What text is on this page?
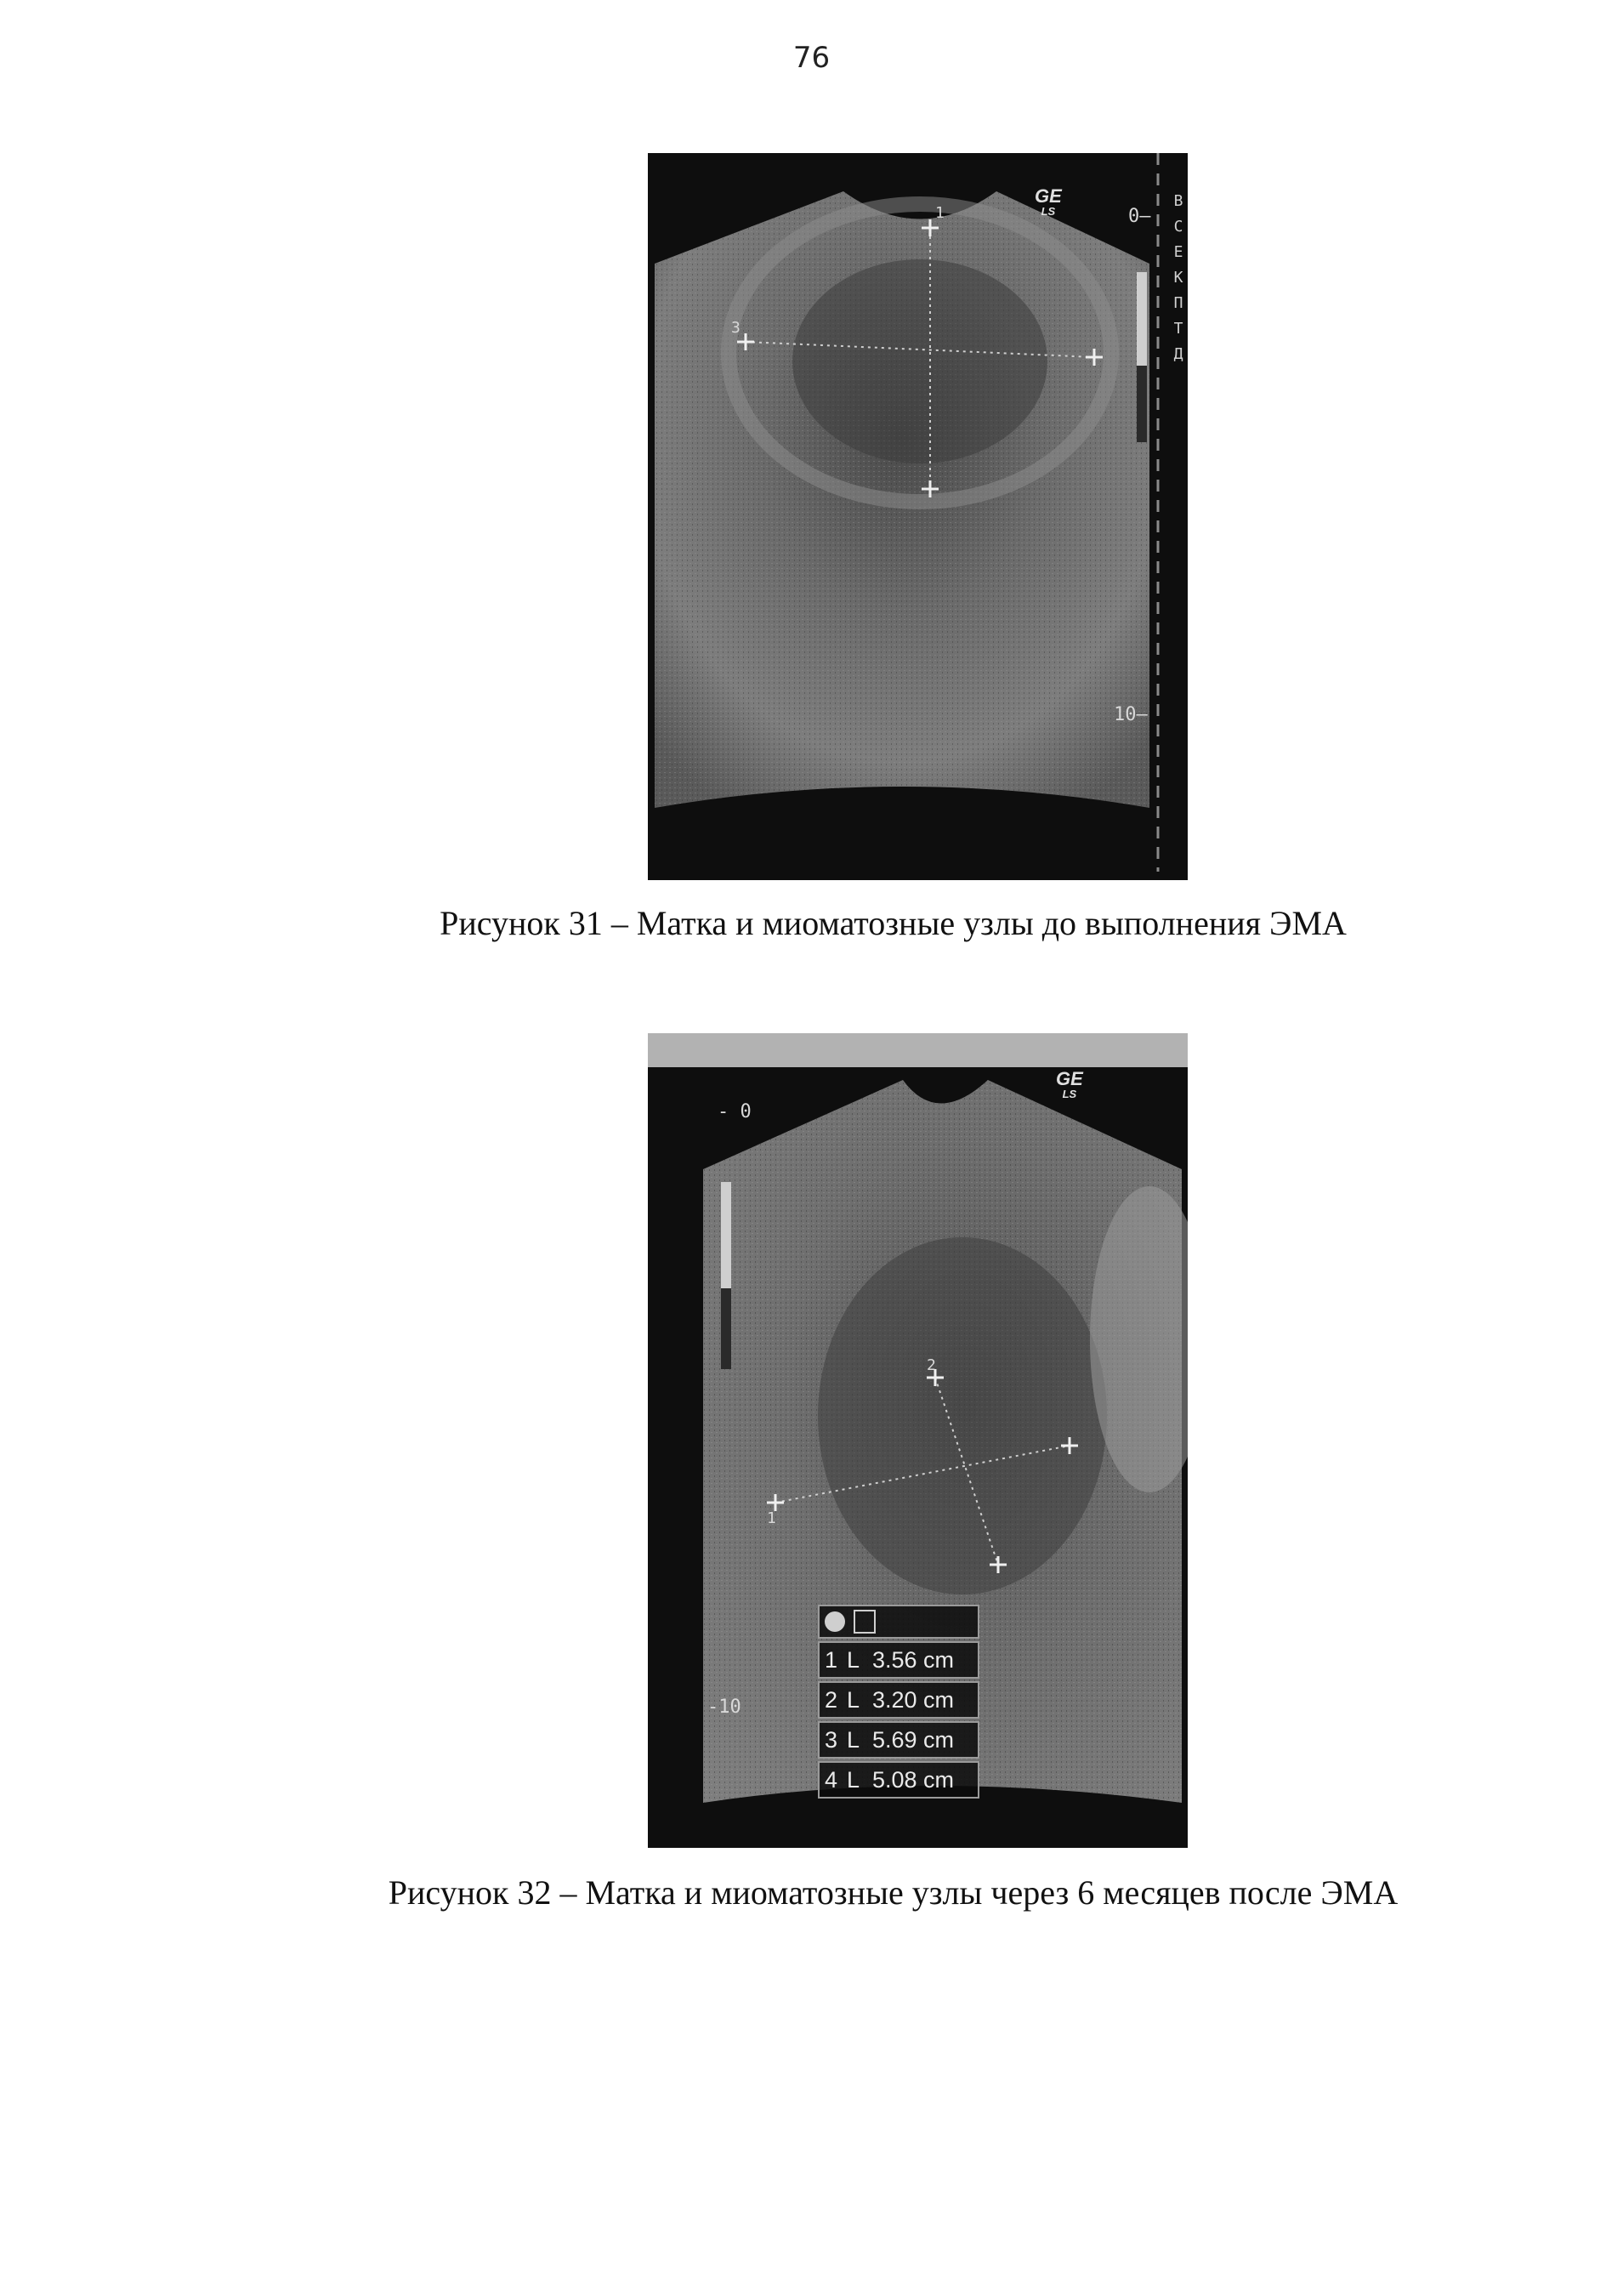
76
GE
LS	0—
10—
1
3
В
С
Е
К
П
Т
Д
Рисунок 31 – Матка и миоматозные узлы до выполнения ЭМА
GE
LS
- 0
-10
2
1
1 L 3.56 cm
2 L 3.20 cm
3 L 5.69 cm
4 L 5.08 cm
Рисунок 32 – Матка и миоматозные узлы через 6 месяцев после ЭМА
